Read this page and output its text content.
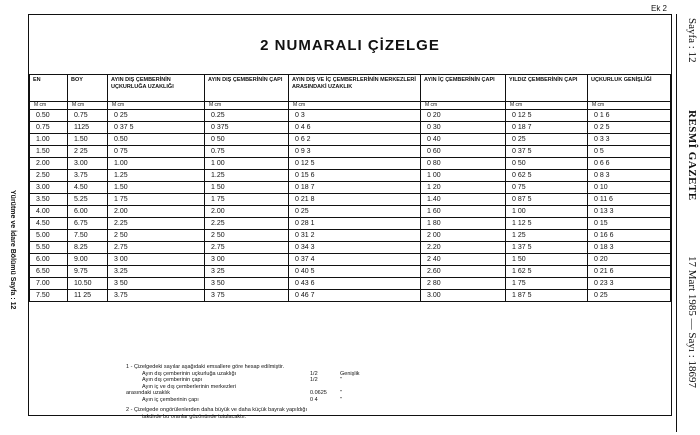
Ek 2
Yürütme ve İdare Bölümü Sayfa : 12
Sayfa : 12 RESMÎ GAZETE 17 Mart 1985 — Sayı : 18697
2 NUMARALI ÇİZELGE
EN	BOY	AYIN DIŞ ÇEMBERİNİN UÇKURLUĞA UZAKLIĞI	AYIN DIŞ ÇEMBERİNİN ÇAPI	AYIN DIŞ VE İÇ ÇEMBERLERİNİN MERKEZLERİ ARASINDAKİ UZAKLIK	AYIN İÇ ÇEMBERİNİN ÇAPI	YILDIZ ÇEMBERİNİN ÇAPI	UÇKURLUK GENİŞLİĞİ
M cm	M cm	M cm	M cm	M cm	M cm	M cm	M cm
0.50	0.75	0 25	0.25	0 3	0 20	0 12 5	0 1 6
0.75	1125	0 37 5	0 375	0 4 6	0 30	0 18 7	0 2 5
1.00	1.50	0.50	0 50	0 6 2	0 40	0 25	0 3 3
1.50	2 25	0 75	0.75	0 9 3	0 60	0 37 5	0 5
2.00	3.00	1.00	1 00	0 12 5	0 80	0 50	0 6 6
2.50	3.75	1.25	1.25	0 15 6	1 00	0 62 5	0 8 3
3.00	4.50	1.50	1 50	0 18 7	1 20	0 75	0 10
3.50	5.25	1 75	1 75	0 21 8	1.40	0 87 5	0 11 6
4.00	6.00	2.00	2.00	0 25	1 60	1 00	0 13 3
4.50	6.75	2.25	2.25	0 28 1	1 80	1 12 5	0 15
5.00	7.50	2 50	2 50	0 31 2	2 00	1 25	0 16 6
5.50	8.25	2.75	2.75	0 34 3	2.20	1 37 5	0 18 3
6.00	9.00	3 00	3 00	0 37 4	2 40	1 50	0 20
6.50	9.75	3.25	3 25	0 40 5	2.60	1 62 5	0 21 6
7.00	10.50	3 50	3 50	0 43 6	2 80	1 75	0 23 3
7.50	11 25	3.75	3 75	0 46 7	3.00	1 87 5	0 25
1 - Çizelgedeki sayılar aşağıdaki emsallere göre hesap edilmiştir.
Ayın dış çemberinin uçkurluğa uzaklığı	1/2	Genişlik
Ayın dış çemberinin çapı	1/2	"
Ayın iç ve dış çemberlerinin merkezleri
arasındaki uzaklık	0.0625 "
Ayın iç çemberinin çapı	0 4	"
2 - Çizelgede ongörülenlerden daha büyük ve daha küçük bayrak yapıldığı
takdirde bu oranlar gözönünde tutulacaktır.
